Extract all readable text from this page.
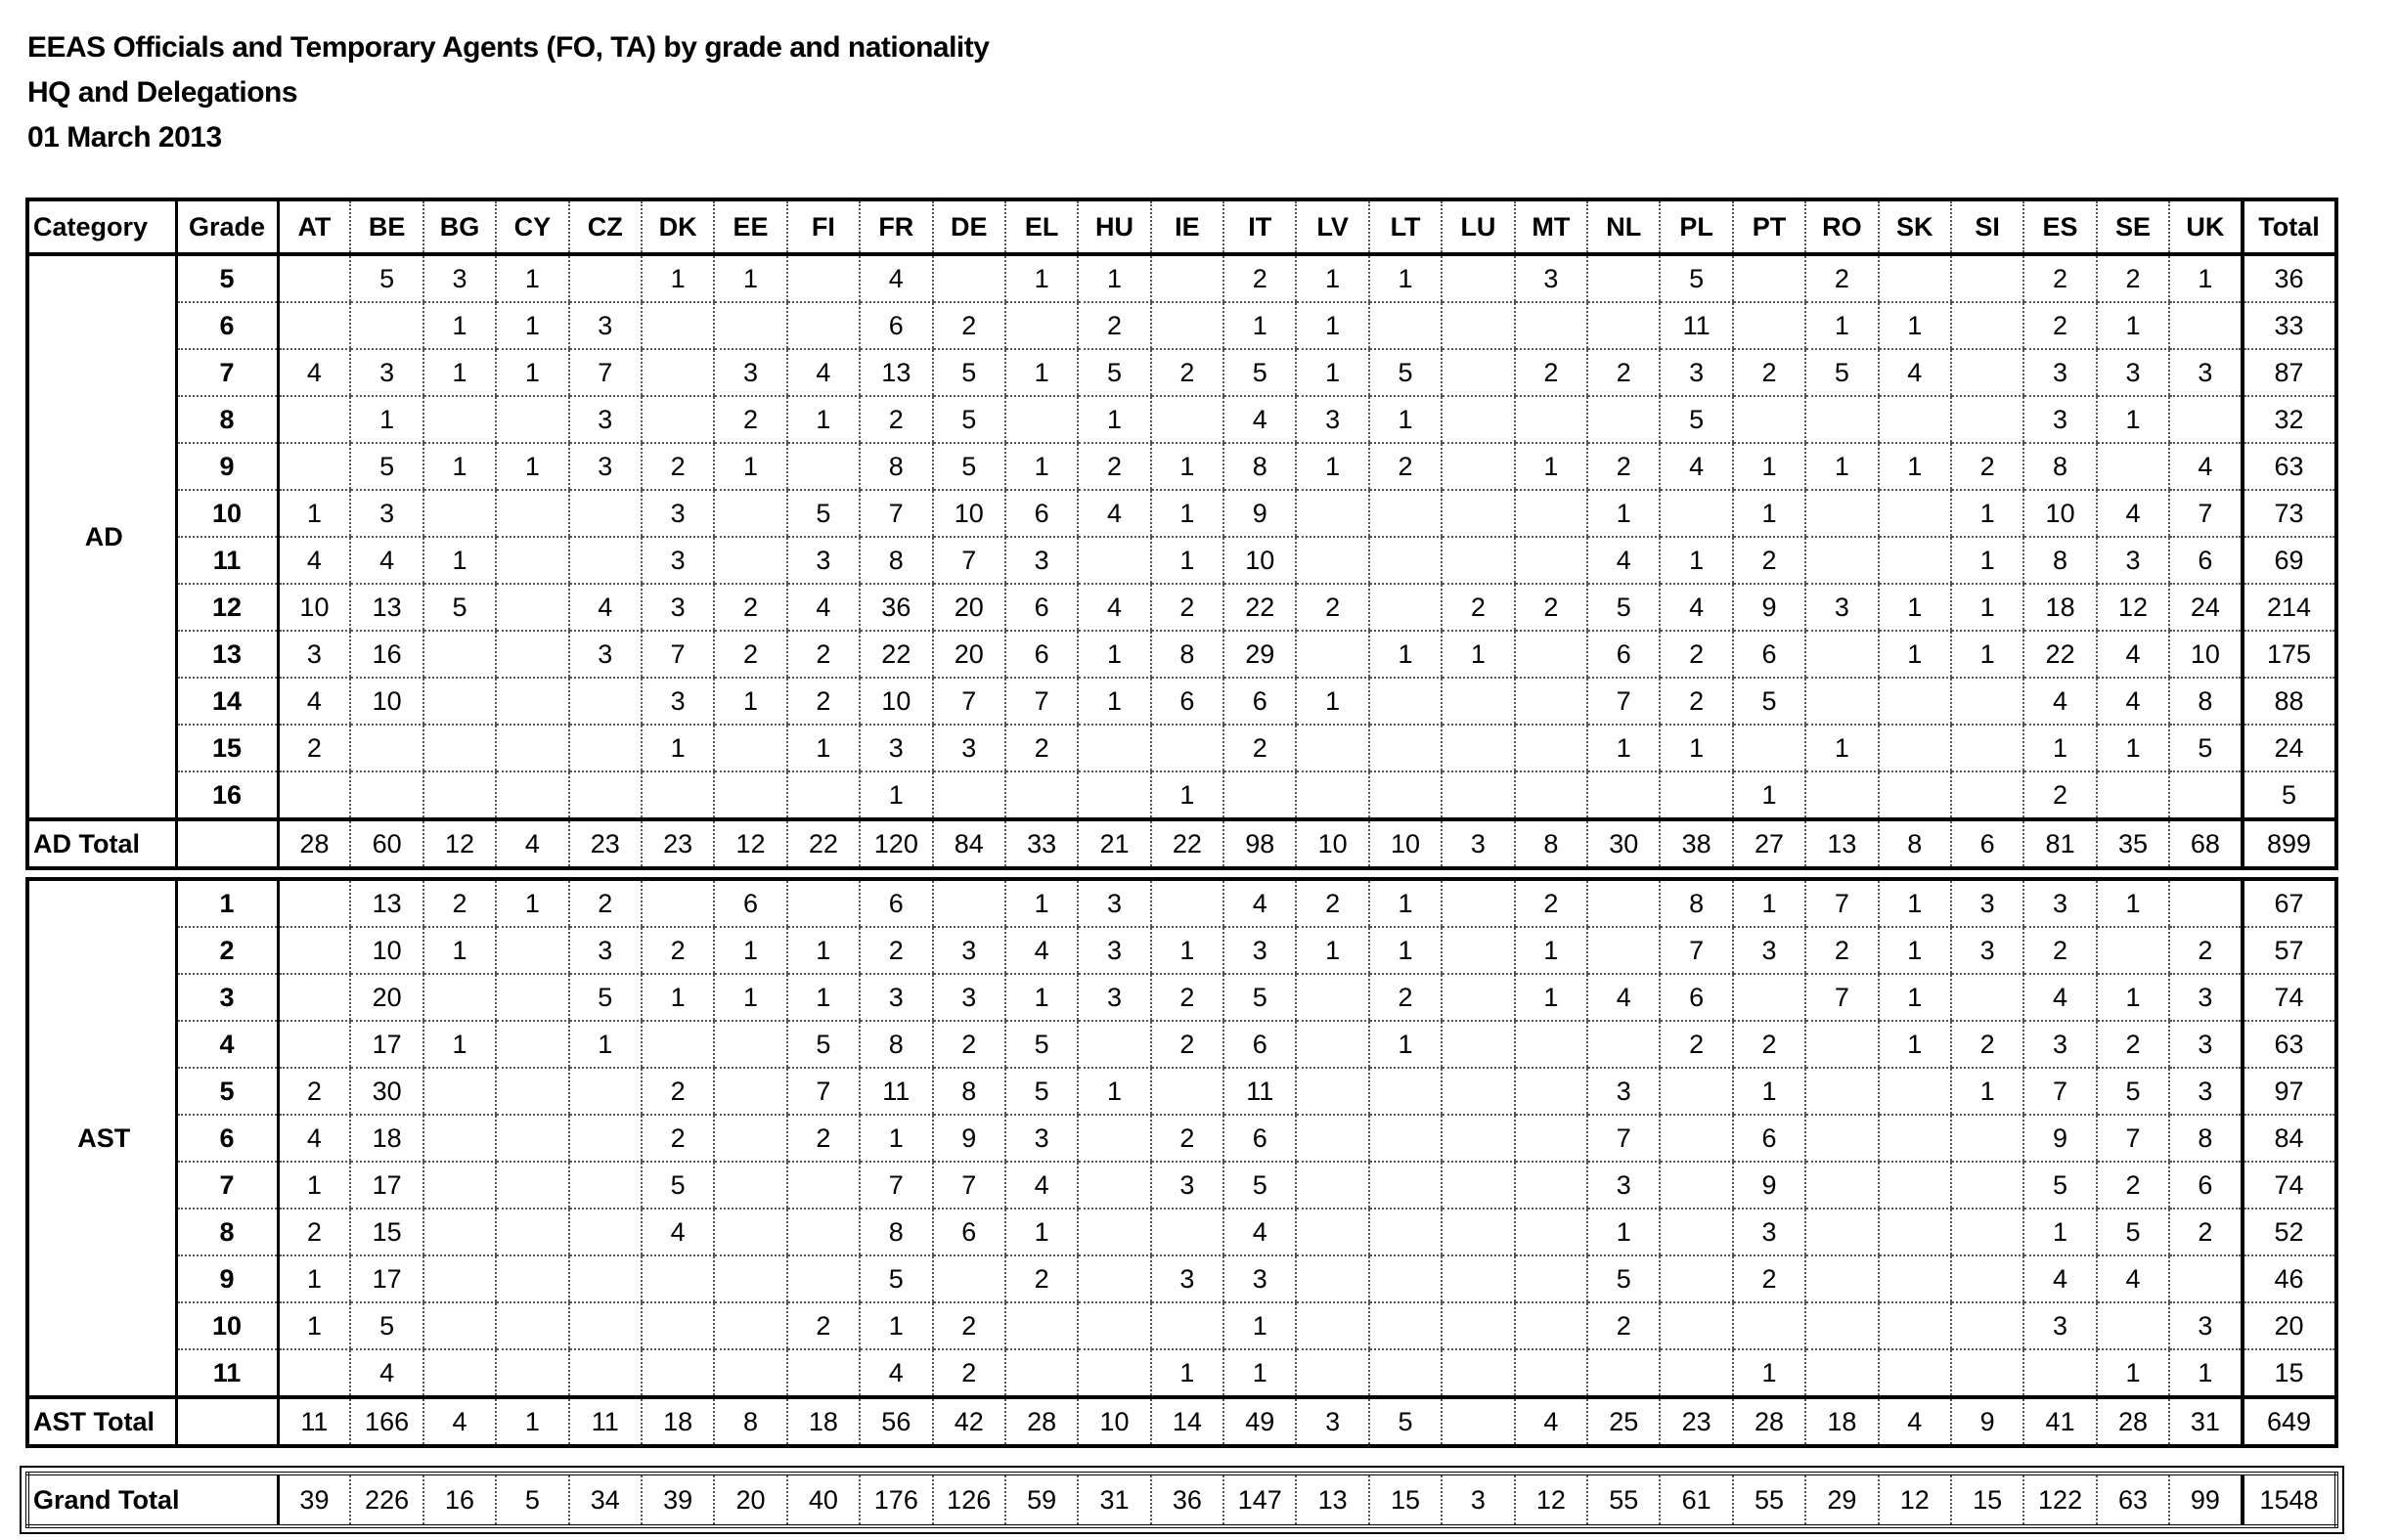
EEAS Officials and Temporary Agents (FO, TA) by grade and nationality
HQ and Delegations
01 March 2013
Category	Grade	AT	BE	BG	CY	CZ	DK	EE	FI	FR	DE	EL	HU	IE	IT	LV	LT	LU	MT	NL	PL	PT	RO	SK	SI	ES	SE	UK	Total
AD	5		5	3	1		1	1		4		1	1		2	1	1		3		5		2			2	2	1	36
	6			1	1	3				6	2		2		1	1					11		1	1		2	1		33
	7	4	3	1	1	7		3	4	13	5	1	5	2	5	1	5		2	2	3	2	5	4		3	3	3	87
	8		1			3		2	1	2	5		1		4	3	1				5					3	1		32
	9		5	1	1	3	2	1		8	5	1	2	1	8	1	2		1	2	4	1	1	1	2	8		4	63
	10	1	3				3		5	7	10	6	4	1	9					1		1			1	10	4	7	73
	11	4	4	1			3		3	8	7	3		1	10					4	1	2			1	8	3	6	69
	12	10	13	5		4	3	2	4	36	20	6	4	2	22	2		2	2	5	4	9	3	1	1	18	12	24	214
	13	3	16			3	7	2	2	22	20	6	1	8	29		1	1		6	2	6		1	1	22	4	10	175
	14	4	10				3	1	2	10	7	7	1	6	6	1				7	2	5				4	4	8	88
	15	2					1		1	3	3	2			2					1	1		1			1	1	5	24
	16									1				1								1				2			5
AD Total		28	60	12	4	23	23	12	22	120	84	33	21	22	98	10	10	3	8	30	38	27	13	8	6	81	35	68	899
AST	1		13	2	1	2		6		6		1	3		4	2	1		2		8	1	7	1	3	3	1		67
	2		10	1		3	2	1	1	2	3	4	3	1	3	1	1		1		7	3	2	1	3	2		2	57
	3		20			5	1	1	1	3	3	1	3	2	5		2		1	4	6		7	1		4	1	3	74
	4		17	1		1			5	8	2	5		2	6		1				2	2		1	2	3	2	3	63
	5	2	30				2		7	11	8	5	1		11					3		1			1	7	5	3	97
	6	4	18				2		2	1	9	3		2	6					7		6				9	7	8	84
	7	1	17				5			7	7	4		3	5					3		9				5	2	6	74
	8	2	15				4			8	6	1			4					1		3				1	5	2	52
	9	1	17							5		2		3	3					5		2				4	4		46
	10	1	5						2	1	2				1					2						3		3	20
	11		4							4	2			1	1							1					1	1	15
AST Total		11	166	4	1	11	18	8	18	56	42	28	10	14	49	3	5		4	25	23	28	18	4	9	41	28	31	649
Grand Total	39	226	16	5	34	39	20	40	176	126	59	31	36	147	13	15	3	12	55	61	55	29	12	15	122	63	99	1548
